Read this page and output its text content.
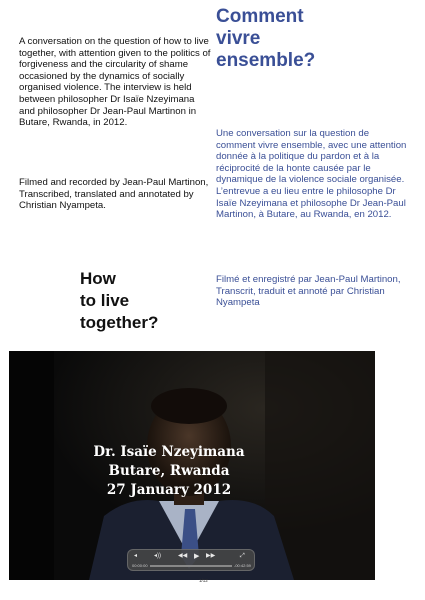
A conversation on the question of how to live together, with attention given to the politics of forgiveness and the circularity of shame occasioned by the dynamics of socially organised violence. The interview is held between philosopher Dr Isaïe Nzeyimana and philosopher Dr Jean-Paul Martinon in Butare, Rwanda, in 2012.

Filmed and recorded by Jean-Paul Martinon,
Transcribed, translated and annotated by Christian Nyampeta.
How
to live
together?
Comment
vivre
ensemble?

Une conversation sur la question de comment vivre ensemble, avec une attention donnée à la politique du pardon et à la réciprocité de la honte causée par le dynamique de la violence sociale organisée. L’entrevue a eu lieu entre le philosophe Dr Isaïe Nzeyimana et philosophe Dr Jean-Paul Martinon, à Butare, au Rwanda, en 2012.

Filmé et enregistré par Jean-Paul Martinon,
Transcrit, traduit et annoté par Christian Nyampeta
Dr. Isaïe Nzeyimana
Butare, Rwanda
27 January 2012
◂	◂))	◀◀ ▶ ▶▶	⤢
00:00:00	-00:42:59
1/12
